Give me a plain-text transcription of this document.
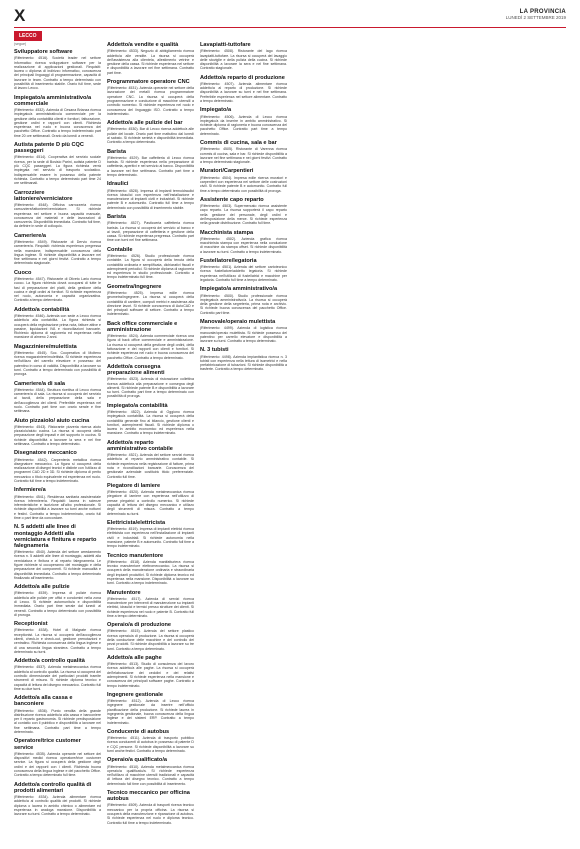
X	LA PROVINCIA
LUNEDÌ 2 SETTEMBRE 2019
LECCO
(segue)
Sviluppatore software

(Riferimento: 4516). Società leader nel settore informatico ricerca sviluppatore software per la realizzazione di applicazioni gestionali. Requisiti: laurea o diploma di indirizzo informatico, conoscenza dei principali linguaggi di programmazione, capacità di lavorare in team. Contratto a tempo determinato con possibilità di inserimento stabile. Orario full time, sede di lavoro Lecco.

Impiegato/a amministrativo/a commerciale

(Riferimento: 4532). Azienda di Cesana Brianza ricerca impiegato/a amministrativo/a commerciale per la gestione della contabilità clienti e fornitori, fatturazione, gestione ordini e rapporti con clienti. Richiesta esperienza nel ruolo e buona conoscenza del pacchetto Office. Contratto a tempo indeterminato part time 20 ore settimanali. Orario da lunedì a venerdì.

Autista patente D più CQC passeggeri

(Riferimento: 4514). Cooperativa del servizio sociale ricerca, per la sede di Bosisio Parini, autista patente D più CQC passeggeri. La figura richiesta verrà impiegata nel servizio di trasporto scolastico. Indispensabile essere in possesso della patente richiesta. Contratto a tempo determinato part time 24 ore settimanali.

Carrozziere lattoniere/verniciatore

(Riferimento: 4548). Officina carrozzeria ricerca carrozziere/lattoniere/verniciatore. Si richiede esperienza nel settore e buona capacità manuale, conoscenza dei materiali e delle lavorazioni di carrozzeria. Disponibilità immediata. Contratto full time, da definire in sede di colloquio.

Cameriere/a

(Riferimento: 4549). Ristorante di Dervio ricerca cameriere/a. Requisiti: richiesta esperienza pregressa nella mansione, indispensabile conoscenza della lingua inglese. Si richiede disponibilità a lavorare nel fine settimana e nei giorni festivi. Contratto a tempo determinato stagionale.

Cuoco

(Riferimento: 4547). Ristorante di Oliveto Lario ricerca cuoco. La figura richiesta dovrà occuparsi di tutte le fasi di preparazione dei piatti, della gestione della cucina e degli ordini ai fornitori. Si richiede esperienza nel ruolo, autonomia e capacità organizzativa. Contratto a tempo determinato.

Addetto/a contabilità

(Riferimento: 4546). Azienda con sede a Lecco ricerca addetto/a alla contabilità. La figura richiesta si occuperà della registrazione prima nota, fatture attive e passive, liquidazioni IVA e riconciliazioni bancarie. Richiesto diploma di ragioneria ed esperienza nella mansione di almeno 2 anni.

Magazziniere/mulettista

(Riferimento: 4545). Soc. Cooperativa di Molteno ricerca magazziniere/mulettista. Si richiede esperienza nell'utilizzo del carrello elevatore e possesso del patentino in corso di validità. Disponibilità a lavorare su turni. Contratto a tempo determinato con possibilità di proroga.

Cameriere/a di sala

(Riferimento: 4544). Struttura ricettiva di Lecco ricerca cameriere/a di sala. La risorsa si occuperà del servizio ai tavoli, della preparazione della sala e dell'accoglienza dei clienti. Preferibile esperienza nel ruolo. Contratto part time con orario serale e fine settimana.

Aiuto pizzaiolo/ aiuto cucina

(Riferimento: 4543). Ristorante pizzeria ricerca aiuto pizzaiolo/aiuto cucina. La risorsa si occuperà della preparazione degli impasti e del supporto in cucina. Si richiede disponibilità a lavorare la sera e nel fine settimana. Contratto a tempo determinato.

Disegnatore meccanico

(Riferimento: 4542). Carpenteria metallica ricerca disegnatore meccanico. La figura si occuperà della realizzazione di disegni tecnici e distinte con l'utilizzo di programmi CAD 2D e 3D. Si richiede diploma di perito meccanico o titolo equivalente ed esperienza nel ruolo. Contratto full time a tempo indeterminato.

Infermiere/a

(Riferimento: 4541). Residenza sanitaria assistenziale ricerca infermiere/a. Requisiti: laurea in scienze infermieristiche e iscrizione all'albo professionale. Si richiede disponibilità a lavorare su turni anche notturni e festivi. Contratto a tempo indeterminato, orario full time o part time da concordare.

N. 5 addetti alle linee di montaggio Addetti alla verniciatura e finitura e reparto falegnameria

(Riferimento: 4540). Azienda del settore arredamento ricerca n. 5 addetti alle linee di montaggio, addetti alla verniciatura e finitura e al reparto falegnameria. Le figure richieste si occuperanno del montaggio e della preparazione dei componenti. Si richiede manualità e disponibilità immediata. Contratto a tempo determinato finalizzato all'inserimento.

Addetto/a alle pulizie

(Riferimento: 4539). Impresa di pulizie ricerca addetto/a alle pulizie per uffici e condomini nella zona di Lecco. Si richiede automunito/a e disponibilità immediata. Orario part time serale dal lunedì al venerdì. Contratto a tempo determinato con possibilità di proroga.

Receptionist

(Riferimento: 4538). Hotel di Malgrate ricerca receptionist. La risorsa si occuperà dell'accoglienza clienti, check-in e check-out, gestione prenotazioni e centralino. Richiesta conoscenza della lingua inglese e di una seconda lingua straniera. Contratto a tempo determinato su turni.

Addetto/a controllo qualità

(Riferimento: 4537). Azienda metalmeccanica ricerca addetto/a al controllo qualità. La risorsa si occuperà del controllo dimensionale dei particolari prodotti tramite strumenti di misura. Si richiede diploma tecnico e capacità di lettura del disegno meccanico. Contratto full time su due turni.

Addetto/a alla cassa e banconiere

(Riferimento: 4536). Punto vendita della grande distribuzione ricerca addetto/a alla cassa e banconiere per il reparto gastronomia. Si richiede predisposizione al contatto con il pubblico e disponibilità a lavorare nel fine settimana. Contratto part time a tempo determinato.

Operatore/trice customer service

(Riferimento: 4535). Azienda operante nel settore dei dispositivi medici ricerca operatore/trice customer service. La figura si occuperà della gestione degli ordini e dei rapporti con i clienti. Richiesta buona conoscenza della lingua inglese e del pacchetto Office. Contratto a tempo determinato full time.

Addetto/a controllo qualità di prodotti alimentari

(Riferimento: 4534). Azienda alimentare ricerca addetto/a al controllo qualità dei prodotti. Si richiede diploma o laurea in ambito chimico o alimentare ed esperienza in analoga mansione. Disponibilità a lavorare su turni. Contratto a tempo determinato.

Addetto/a vendite e qualità

(Riferimento: 4533). Negozio di abbigliamento ricerca addetto/a alle vendite. La risorsa si occuperà dell'assistenza alla clientela, allestimento vetrine e gestione della cassa. Si richiede esperienza nel settore e disponibilità a lavorare nel fine settimana. Contratto part time.

Programmatore operatore CNC

(Riferimento: 4531). Azienda operante nel settore della lavorazione dei metalli ricerca programmatore operatore CNC. La risorsa si occuperà della programmazione e conduzione di macchine utensili a controllo numerico. Si richiede esperienza nel ruolo e conoscenza del linguaggio ISO. Contratto a tempo indeterminato.

Addetto/a alle pulizie del bar

(Riferimento: 4530). Bar di Lecco ricerca addetto/a alle pulizie del locale. Orario part time mattutino dal lunedì al sabato. Si richiede serietà e disponibilità immediata. Contratto a tempo determinato.

Barista

(Riferimento: 4529). Bar caffetteria di Lecco ricerca barista. Si richiede esperienza nella preparazione di caffetteria, aperitivi e nel servizio al banco. Disponibilità a lavorare nel fine settimana. Contratto part time a tempo determinato.

Idraulici

(Riferimento: 4528). Impresa di impianti termoidraulici ricerca idraulici con esperienza nell'installazione e manutenzione di impianti civili e industriali. Si richiede patente B e automunito. Contratto full time a tempo determinato con possibilità di inserimento stabile.

Barista

(Riferimento: 4527). Pasticceria caffetteria ricerca barista. La risorsa si occuperà del servizio al banco e ai tavoli, preparazione di caffetteria e gestione della cassa. Si richiede esperienza pregressa. Contratto part time con turni nel fine settimana.

Contabile

(Riferimento: 4526). Studio professionale ricerca contabile. La figura si occuperà della tenuta della contabilità ordinaria e semplificata, dichiarativi fiscali e adempimenti periodici. Si richiede diploma di ragioneria ed esperienza in studio professionale. Contratto a tempo indeterminato full time.

Geometra/ingegnere

(Riferimento: 4525). Impresa edile ricerca geometra/ingegnere. La risorsa si occuperà della contabilità di cantiere, computi metrici e assistenza alla direzione lavori. Si richiede conoscenza di AutoCAD e dei principali software di settore. Contratto a tempo indeterminato.

Back office commerciale e amministrazione

(Riferimento: 4524). Azienda commerciale ricerca una figura di back office commerciale e amministrazione. La risorsa si occuperà della gestione degli ordini, della fatturazione e dei rapporti con clienti e fornitori. Si richiede esperienza nel ruolo e buona conoscenza del pacchetto Office. Contratto a tempo determinato.

Addetto/a consegna preparazione alimenti

(Riferimento: 4523). Azienda di ristorazione collettiva ricerca addetto/a alla preparazione e consegna degli alimenti. Si richiede patente B e disponibilità a lavorare su turni. Contratto part time a tempo determinato con possibilità di proroga.

Impiegato/a contabilità

(Riferimento: 4522). Azienda di Oggiono ricerca impiegato/a contabilità. La risorsa si occuperà della contabilità generale fino al bilancio, gestione clienti e fornitori, adempimenti fiscali. Si richiede diploma o laurea in ambito economico ed esperienza nella mansione. Contratto a tempo indeterminato.

Addetto/a reparto amministrativo contabile

(Riferimento: 4521). Azienda del settore servizi ricerca addetto/a al reparto amministrativo contabile. Si richiede esperienza nella registrazione di fatture, prima nota e riconciliazioni bancarie. Conoscenza del gestionale aziendale costituirà titolo preferenziale. Contratto full time.

Piegatore di lamiere

(Riferimento: 4520). Azienda metalmeccanica ricerca piegatore di lamiere con esperienza nell'utilizzo di presse piegatrici a controllo numerico. Si richiede capacità di lettura del disegno meccanico e utilizzo degli strumenti di misura. Contratto a tempo determinato su turni.

Elettricista/elettricista

(Riferimento: 4519). Impresa di impianti elettrici ricerca elettricista con esperienza nell'installazione di impianti civili e industriali. Si richiede autonomia nella mansione, patente B e automunito. Contratto full time a tempo indeterminato.

Tecnico manutentore

(Riferimento: 4518). Azienda manifatturiera ricerca tecnico manutentore elettromeccanico. La risorsa si occuperà della manutenzione ordinaria e straordinaria degli impianti produttivi. Si richiede diploma tecnico ed esperienza nella mansione. Disponibilità a lavorare su turni. Contratto a tempo indeterminato.

Manutentore

(Riferimento: 4517). Azienda di servizi ricerca manutentore per interventi di manutenzione su impianti elettrici, idraulici e termici presso strutture dei clienti. Si richiede esperienza nel ruolo e patente B. Contratto full time a tempo determinato.

Operaio/a di produzione

(Riferimento: 4515). Azienda del settore plastico ricerca operaio/a di produzione. La risorsa si occuperà della conduzione delle macchine e del controllo dei pezzi prodotti. Si richiede disponibilità a lavorare su tre turni. Contratto a tempo determinato.

Addetto/a alle paghe

(Riferimento: 4513). Studio di consulenza del lavoro ricerca addetto/a alle paghe. La risorsa si occuperà dell'elaborazione dei cedolini e dei relativi adempimenti. Si richiede esperienza nella mansione e conoscenza dei principali software paghe. Contratto a tempo indeterminato.

Ingegnere gestionale

(Riferimento: 4512). Azienda di Lecco ricerca ingegnere gestionale da inserire nell'ufficio pianificazione della produzione. Si richiede laurea in ingegneria gestionale, buona conoscenza della lingua inglese e dei sistemi ERP. Contratto a tempo indeterminato.

Conducente di autobus

(Riferimento: 4511). Azienda di trasporto pubblico ricerca conducenti di autobus in possesso di patente D e CQC persone. Si richiede disponibilità a lavorare su turni anche festivi. Contratto a tempo determinato.

Operaio/a qualificato/a

(Riferimento: 4510). Azienda metalmeccanica ricerca operaio/a qualificato/a. Si richiede esperienza nell'utilizzo di macchine utensili tradizionali e capacità di lettura del disegno tecnico. Contratto a tempo determinato full time con possibilità di inserimento.

Tecnico meccanico per officina autobus

(Riferimento: 4509). Azienda di trasporti ricerca tecnico meccanico per la propria officina. La risorsa si occuperà della manutenzione e riparazione di autobus. Si richiede esperienza nel ruolo e diploma tecnico. Contratto full time a tempo indeterminato.

Lavapiatti-tuttofare

(Riferimento: 4508). Ristorante del lago ricerca lavapiatti-tuttofare. La risorsa si occuperà del lavaggio delle stoviglie e della pulizia della cucina. Si richiede disponibilità a lavorare la sera e nel fine settimana. Contratto stagionale.

Addetto/a reparto di produzione

(Riferimento: 4507). Azienda alimentare ricerca addetto/a al reparto di produzione. Si richiede disponibilità a lavorare su turni e nel fine settimana. Preferibile esperienza nel settore alimentare. Contratto a tempo determinato.

Impiegato/a

(Riferimento: 4506). Azienda di Lecco ricerca impiegato/a da inserire in ambito amministrativo. Si richiede diploma di ragioneria e buona conoscenza del pacchetto Office. Contratto part time a tempo determinato.

Commis di cucina, sala e bar

(Riferimento: 4505). Ristorante di Varenna ricerca commis di cucina, sala e bar. Si richiede disponibilità a lavorare nel fine settimana e nei giorni festivi. Contratto a tempo determinato stagionale.

Muratori/Carpentieri

(Riferimento: 4504). Impresa edile ricerca muratori e carpentieri con esperienza nel settore delle costruzioni civili. Si richiede patente B e automunito. Contratto full time a tempo determinato con possibilità di proroga.

Assistente capo reparto

(Riferimento: 4503). Supermercato ricerca assistente capo reparto. La risorsa supporterà il capo reparto nella gestione del personale, degli ordini e dell'esposizione della merce. Si richiede esperienza nella grande distribuzione. Contratto full time.

Macchinista stampa

(Riferimento: 4502). Azienda grafica ricerca macchinista stampa con esperienza nella conduzione di macchine da stampa offset. Si richiede disponibilità a lavorare su turni. Contratto a tempo indeterminato.

Fustellatore/legatoria

(Riferimento: 4501). Azienda del settore cartotecnico ricerca fustellatore/addetto legatoria. Si richiede esperienza nell'utilizzo di fustellatrici e macchine per legatoria. Contratto full time a tempo determinato.

Impiegato/a amministrativo/a

(Riferimento: 4500). Studio professionale ricerca impiegato/a amministrativo/a. La risorsa si occuperà della gestione della segreteria, prima nota e archivio. Si richiede buona conoscenza del pacchetto Office. Contratto part time.

Manovale/operaio mulettista

(Riferimento: 4499). Azienda di logistica ricerca manovale/operaio mulettista. Si richiede possesso del patentino per carrello elevatore e disponibilità a lavorare su turni. Contratto a tempo determinato.

N. 3 tubisti

(Riferimento: 4498). Azienda impiantistica ricerca n. 3 tubisti con esperienza nella lettura di isometrici e nella prefabbricazione di tubazioni. Si richiede disponibilità a trasferte. Contratto a tempo determinato.
